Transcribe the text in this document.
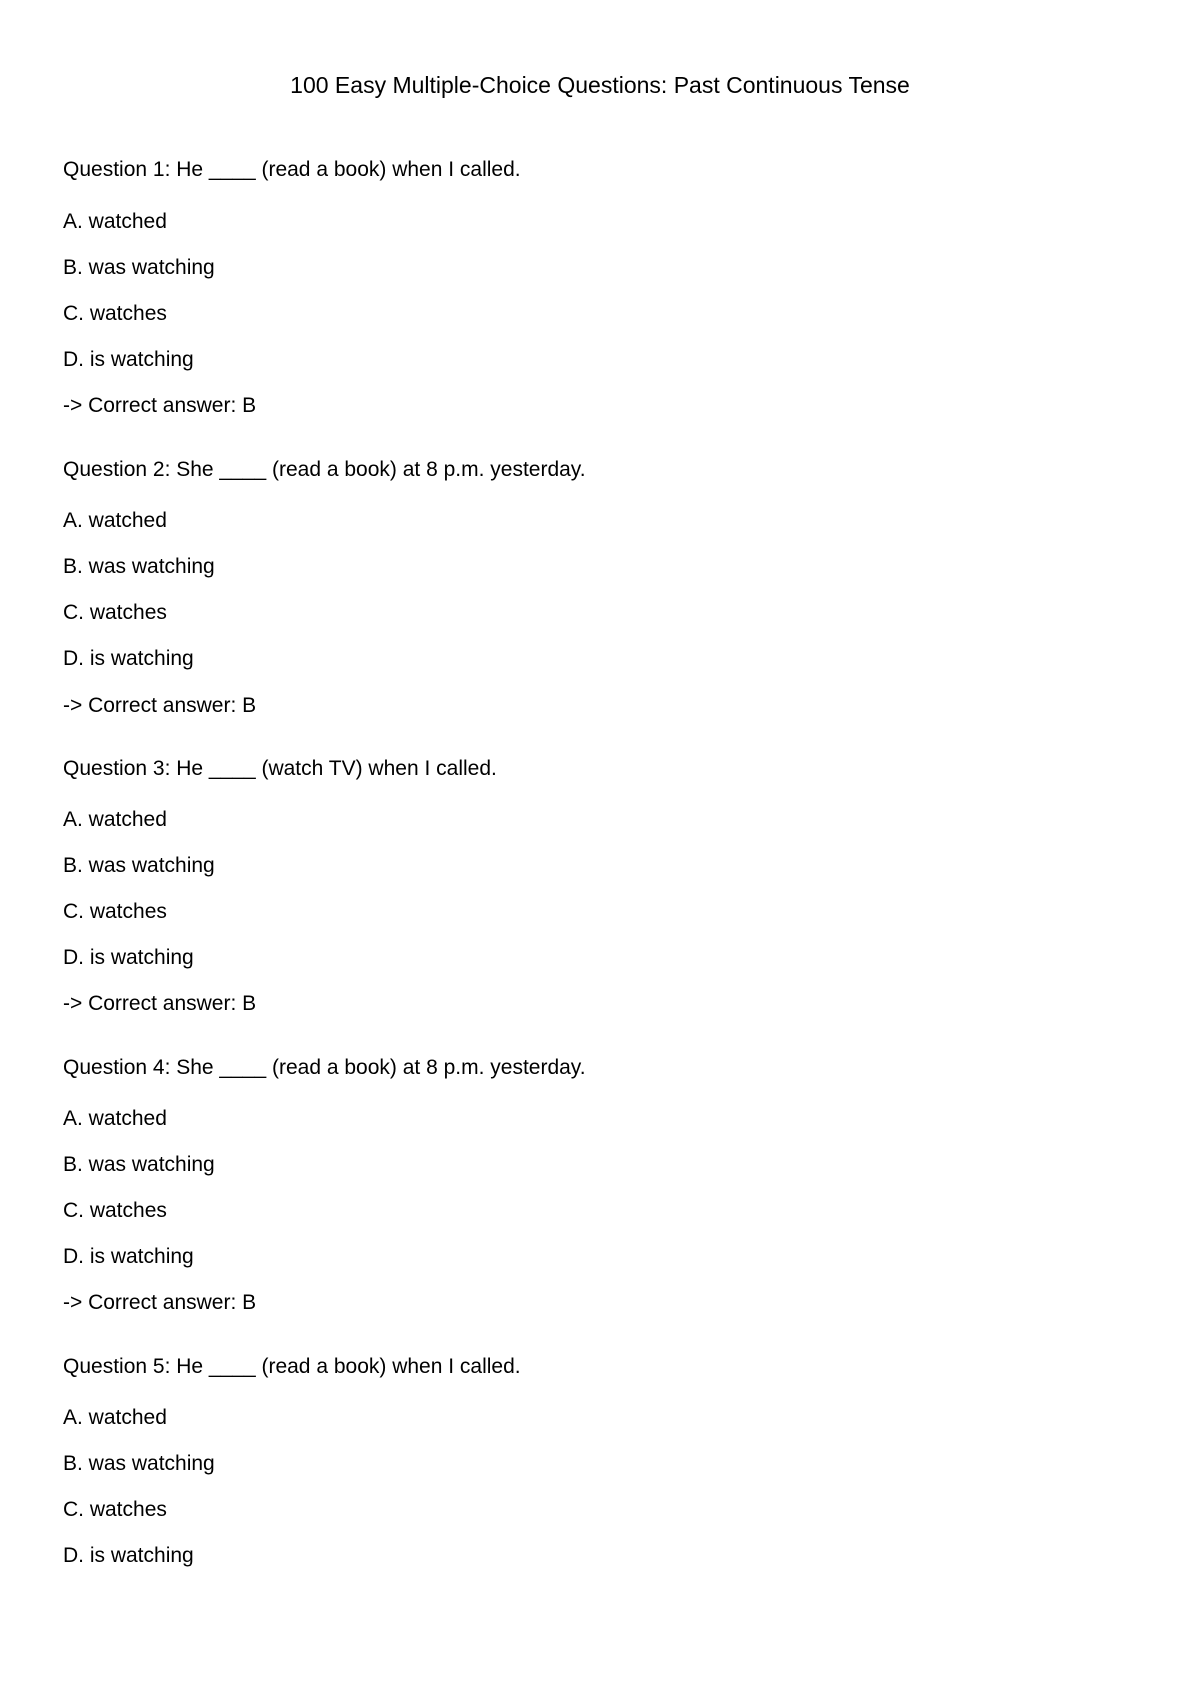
100 Easy Multiple-Choice Questions: Past Continuous Tense
Question 1: He ____ (read a book) when I called.
A. watched
B. was watching
C. watches
D. is watching
-> Correct answer: B
Question 2: She ____ (read a book) at 8 p.m. yesterday.
A. watched
B. was watching
C. watches
D. is watching
-> Correct answer: B
Question 3: He ____ (watch TV) when I called.
A. watched
B. was watching
C. watches
D. is watching
-> Correct answer: B
Question 4: She ____ (read a book) at 8 p.m. yesterday.
A. watched
B. was watching
C. watches
D. is watching
-> Correct answer: B
Question 5: He ____ (read a book) when I called.
A. watched
B. was watching
C. watches
D. is watching
